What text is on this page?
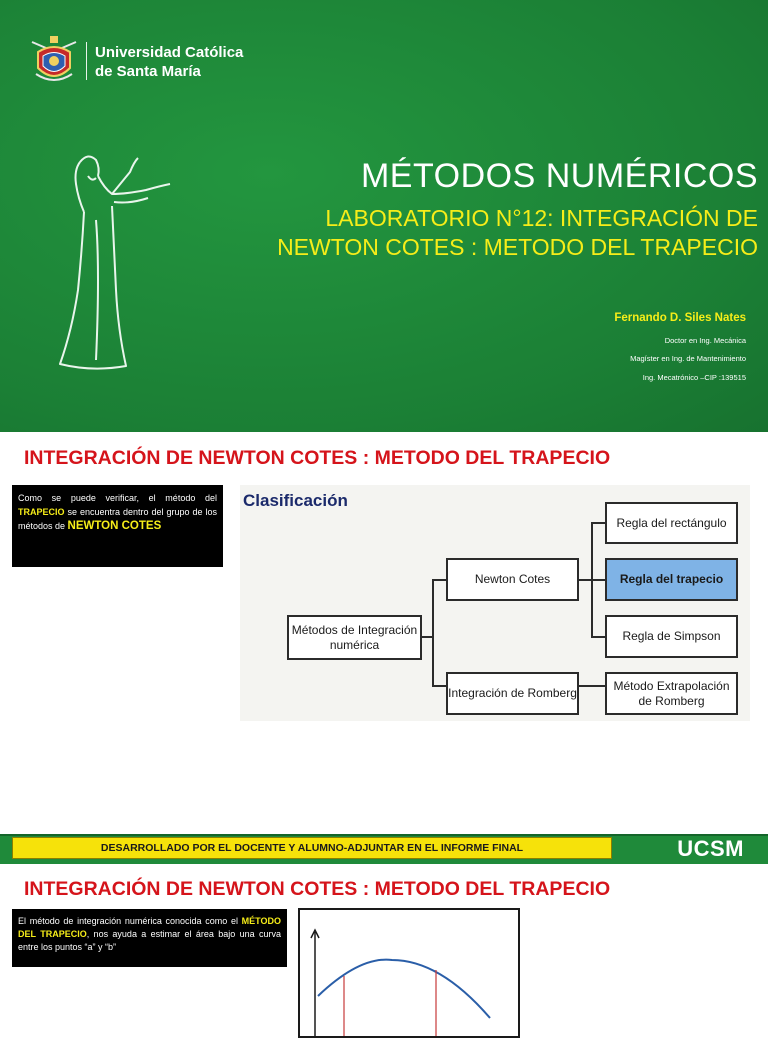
Universidad Católica
de Santa María
MÉTODOS NUMÉRICOS
LABORATORIO N°12: INTEGRACIÓN DE
NEWTON COTES : METODO DEL TRAPECIO
Fernando D. Siles Nates
Doctor en Ing. Mecánica
Magíster en Ing. de Mantenimiento
Ing. Mecatrónico –CIP :139515
INTEGRACIÓN DE NEWTON COTES : METODO DEL TRAPECIO
Como se puede verificar, el método del TRAPECIO se encuentra dentro del grupo de los métodos de NEWTON COTES
Clasificación
Métodos de Integración numérica
Newton Cotes
Integración de Romberg
Regla del rectángulo
Regla del trapecio
Regla de Simpson
Método Extrapolación de Romberg
DESARROLLADO POR EL DOCENTE Y ALUMNO-ADJUNTAR EN EL INFORME FINAL	UCSM
INTEGRACIÓN DE NEWTON COTES : METODO DEL TRAPECIO
El método de integración numérica conocida como el MÉTODO DEL TRAPECIO, nos ayuda a estimar el área bajo una curva entre los puntos “a” y “b”
